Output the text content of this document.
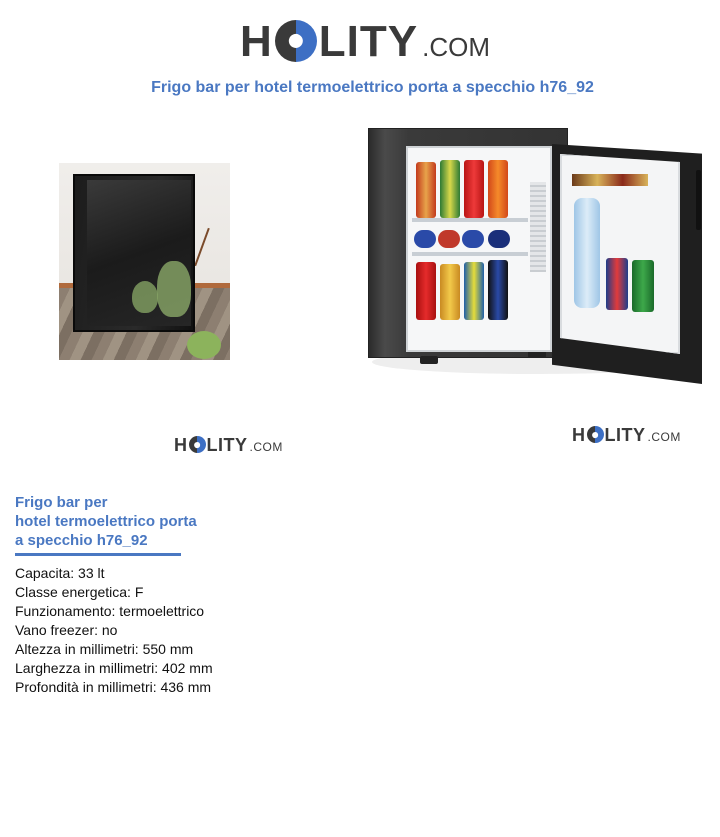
H LITY .COM
Frigo bar per hotel termoelettrico porta a specchio h76_92
H LITY .COM
H LITY .COM
Frigo bar per
hotel termoelettrico porta
a specchio h76_92
Capacita: 33 lt
Classe energetica: F
Funzionamento: termoelettrico
Vano freezer: no
Altezza in millimetri: 550 mm
Larghezza in millimetri: 402 mm
Profondità in millimetri: 436 mm
